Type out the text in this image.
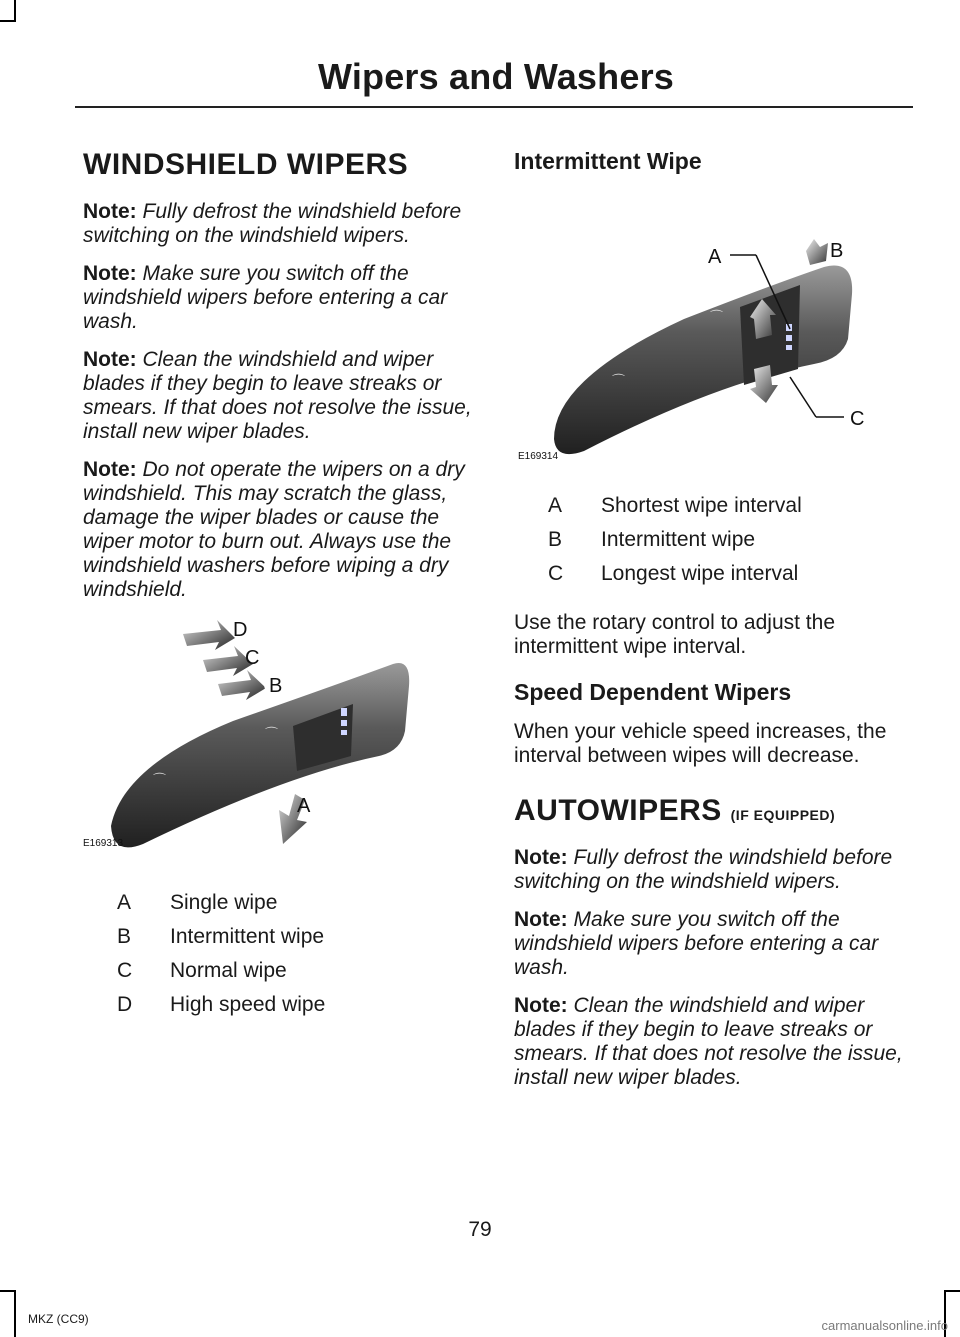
Wipers and Washers
WINDSHIELD WIPERS

Note: Fully defrost the windshield before switching on the windshield wipers.

Note: Make sure you switch off the windshield wipers before entering a car wash.

Note: Clean the windshield and wiper blades if they begin to leave streaks or smears. If that does not resolve the issue, install new wiper blades.

Note: Do not operate the wipers on a dry windshield. This may scratch the glass, damage the wiper blades or cause the wiper motor to burn out. Always use the windshield washers before wiping a dry windshield.

⌒
⌒
D
C
B
A
E169313
A	Single wipe
B	Intermittent wipe
C	Normal wipe
D	High speed wipe
Intermittent Wipe
⌒
⌒
A	B
C
E169314
A	Shortest wipe interval
B	Intermittent wipe
C	Longest wipe interval

Use the rotary control to adjust the intermittent wipe interval.

Speed Dependent Wipers

When your vehicle speed increases, the interval between wipes will decrease.

AUTOWIPERS (IF EQUIPPED)

Note: Fully defrost the windshield before switching on the windshield wipers.

Note: Make sure you switch off the windshield wipers before entering a car wash.

Note: Clean the windshield and wiper blades if they begin to leave streaks or smears. If that does not resolve the issue, install new wiper blades.

79
MKZ (CC9)	carmanualsonline.info
